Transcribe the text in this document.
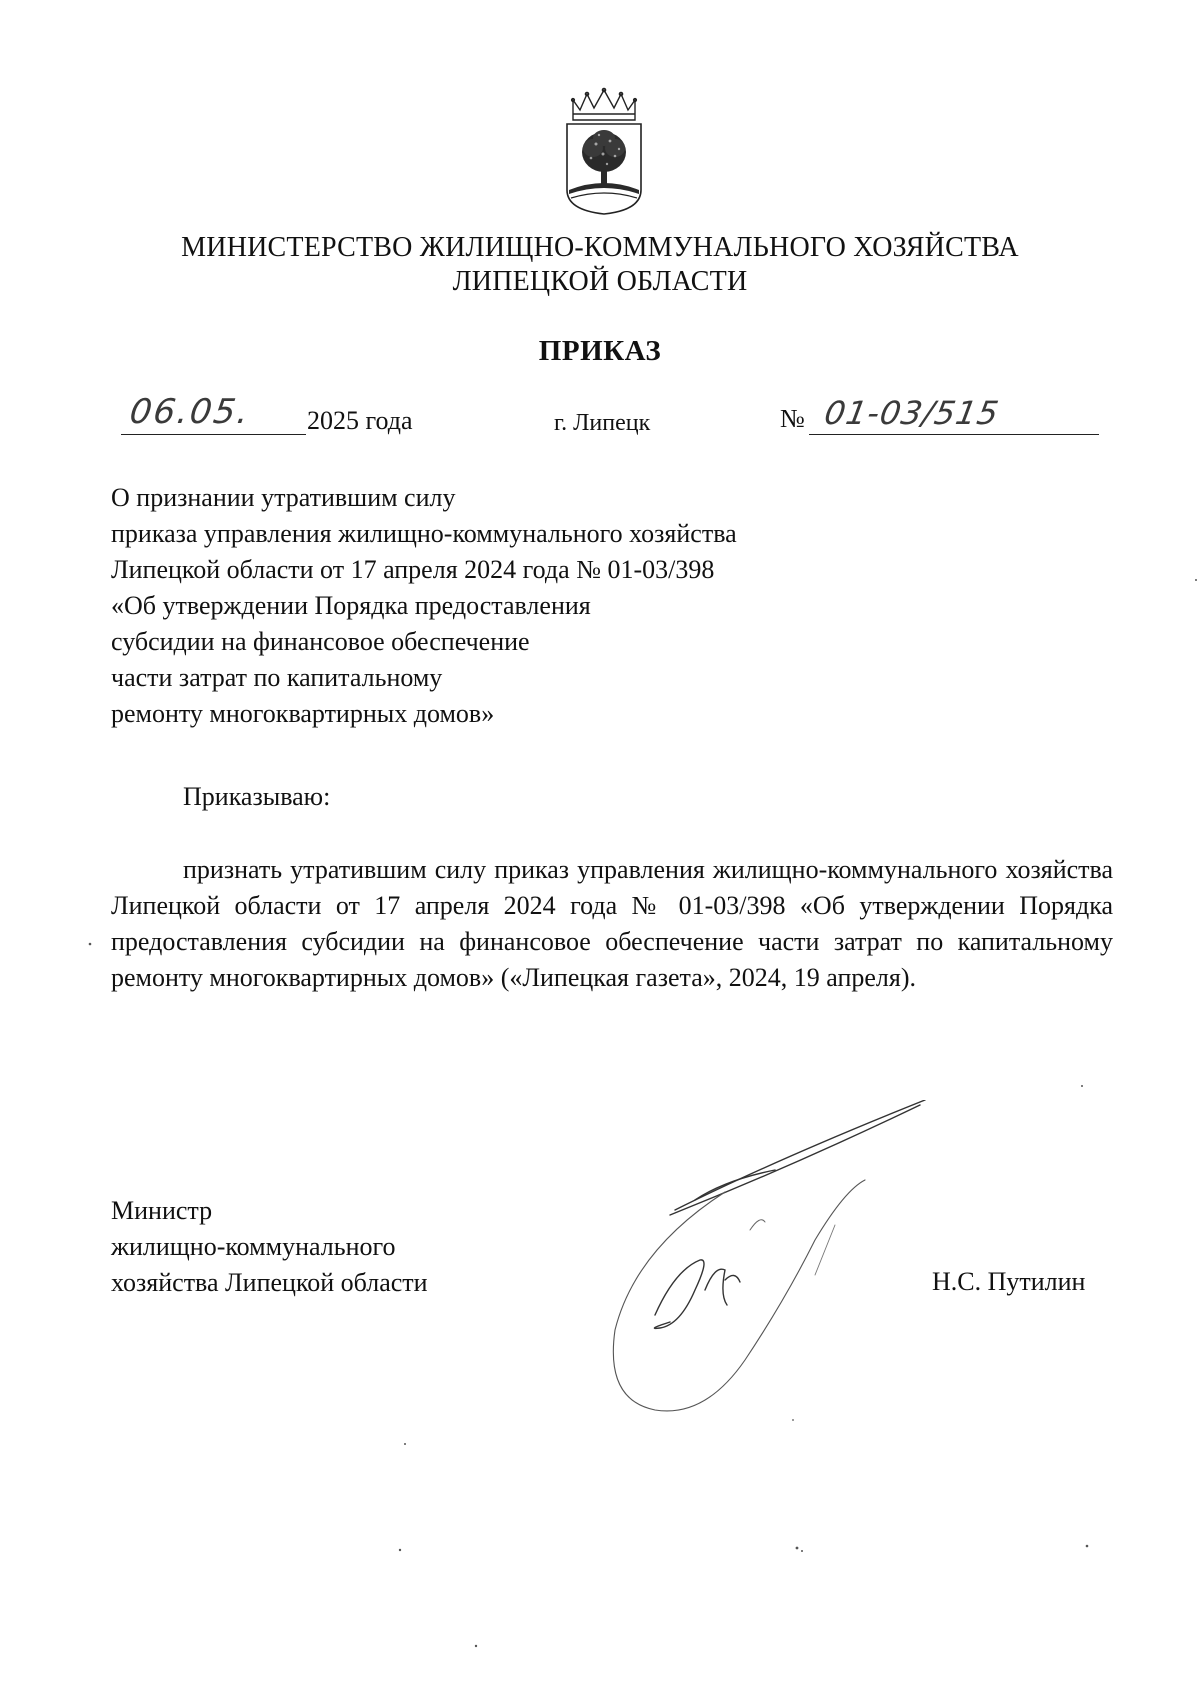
МИНИСТЕРСТВО ЖИЛИЩНО-КОММУНАЛЬНОГО ХОЗЯЙСТВА
ЛИПЕЦКОЙ ОБЛАСТИ
ПРИКАЗ
06.05. 2025 года	г. Липецк	№ 01-03/515
О признании утратившим силу
приказа управления жилищно-коммунального хозяйства
Липецкой области от 17 апреля 2024 года № 01-03/398
«Об утверждении Порядка предоставления
субсидии на финансовое обеспечение
части затрат по капитальному
ремонту многоквартирных домов»
Приказываю:
признать утратившим силу приказ управления жилищно-коммунального хозяйства Липецкой области от 17 апреля 2024 года № 01-03/398 «Об утверждении Порядка предоставления субсидии на финансовое обеспечение части затрат по капитальному ремонту многоквартирных домов» («Липецкая газета», 2024, 19 апреля).
Министр
жилищно-коммунального
хозяйства Липецкой области	Н.С. Путилин
